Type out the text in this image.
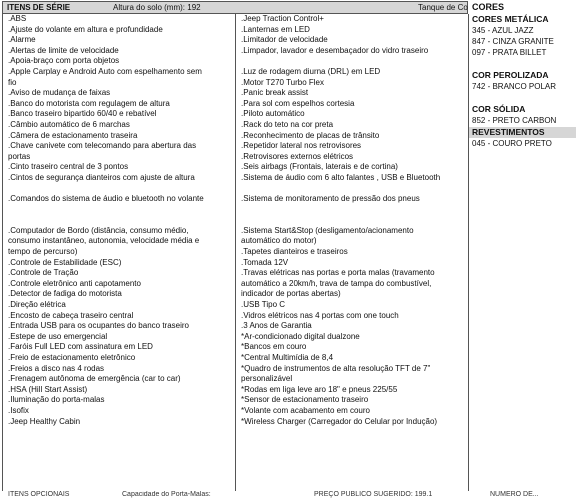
ITENS DE SÉRIE	Altura do solo (mm): 192	Tanque de Co
.ABS
.Ajuste do volante em altura e profundidade
.Alarme
.Alertas de limite de velocidade
.Apoia-braço com porta objetos
.Apple Carplay e Android Auto com espelhamento sem
fio
.Aviso de mudança de faixas
.Banco do motorista com regulagem de altura
.Banco traseiro bipartido 60/40 e rebatível
.Câmbio automático de 6 marchas
.Câmera de estacionamento traseira
.Chave canivete com telecomando para abertura das
portas
.Cinto traseiro central de 3 pontos
.Cintos de segurança dianteiros com ajuste de altura

.Comandos do sistema de áudio e bluetooth no volante

.Computador de Bordo (distância, consumo médio,
consumo instantâneo, autonomia, velocidade média e
tempo de percurso)
.Controle de Estabilidade (ESC)
.Controle de Tração
.Controle eletrônico anti capotamento
.Detector de fadiga do motorista
.Direção elétrica
.Encosto de cabeça traseiro central
.Entrada USB para os ocupantes do banco traseiro
.Estepe de uso emergencial
.Faróis Full LED com assinatura em LED
.Freio de estacionamento eletrônico
.Freios a disco nas 4 rodas
.Frenagem autônoma de emergência (car to car)
.HSA (Hill Start Assist)
.Iluminação do porta-malas
.Isofix
.Jeep Healthy Cabin
.Jeep Traction Control+
.Lanternas em LED
.Limitador de velocidade
.Limpador, lavador e desembaçador do vidro traseiro

.Luz de rodagem diurna (DRL) em LED
.Motor T270 Turbo Flex
.Panic break assist
.Para sol com espelhos cortesia
.Piloto automático
.Rack do teto na cor preta
.Reconhecimento de placas de trânsito
.Repetidor lateral nos retrovisores
.Retrovisores externos elétricos
.Seis airbags (Frontais, laterais e de cortina)
.Sistema de áudio com 6 alto falantes , USB e Bluetooth

.Sistema de monitoramento de pressão dos pneus

.Sistema Start&Stop (desligamento/acionamento
automático do motor)
.Tapetes dianteiros e traseiros
.Tomada 12V
.Travas elétricas nas portas e porta malas (travamento
automático a 20km/h, trava de tampa do combustível,
indicador de portas abertas)
.USB Tipo C
.Vidros elétricos nas 4 portas com one touch
.3 Anos de Garantia
*Ar-condicionado digital dualzone
*Bancos em couro
*Central Multimídia de 8,4
*Quadro de instrumentos de alta resolução TFT de 7"
personalizável
*Rodas em liga leve aro 18" e pneus 225/55
*Sensor de estacionamento traseiro
*Volante com acabamento em couro
*Wireless Charger (Carregador do Celular por Indução)
CORES
CORES METÁLICA
345 - AZUL JAZZ
847 - CINZA GRANITE
097 - PRATA BILLET
COR PEROLIZADA
742 - BRANCO POLAR
COR SÓLIDA
852 - PRETO CARBON
REVESTIMENTOS
045 - COURO PRETO
ITENS OPCIONAIS	Capacidade do Porta-Malas:	PREÇO PÚBLICO SUGERIDO: 199.1	NÚMERO DE...
